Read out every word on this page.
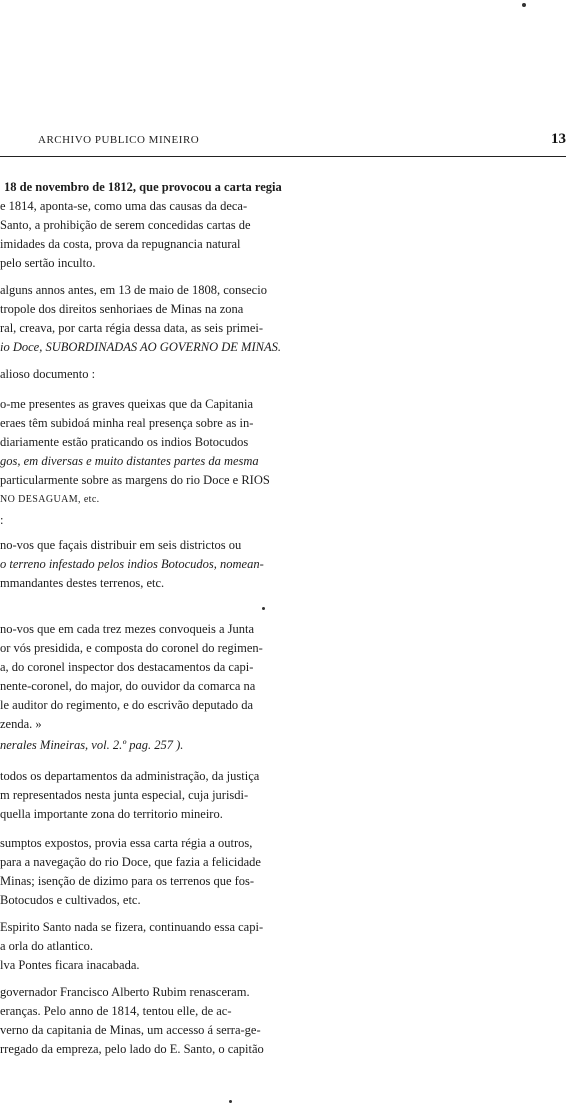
ARCHIVO PUBLICO MINEIRO	13
18 de novembro de 1812, que provocou a carta regia
e 1814, aponta-se, como uma das causas da deca-
Santo, a prohibição de serem concedidas cartas de
imidades da costa, prova da repugnancia natural
pelo sertão inculto.
alguns annos antes, em 13 de maio de 1808, consecio
tropole dos direitos senhoriaes de Minas na zona
ral, creava, por carta régia dessa data, as seis primei-
io Doce, SUBORDINADAS AO GOVERNO DE MINAS.
alioso documento :
o-me presentes as graves queixas que da Capitania
eraes têm subidoá minha real presença sobre as in-
diariamente estão praticando os indios Botocudos
gos, em diversas e muito distantes partes da mesma
particularmente sobre as margens do rio Doce e RIOS
NO DESAGUAM, etc.
:
no-vos que façais distribuir em seis districtos ou
o terreno infestado pelos indios Botocudos, nomean-
mmandantes destes terrenos, etc.
no-vos que em cada trez mezes convoqueis a Junta
or vós presidida, e composta do coronel do regimen-
a, do coronel inspector dos destacamentos da capi-
nente-coronel, do major, do ouvidor da comarca na
le auditor do regimento, e do escrivão deputado da
zenda. »
nerales Mineiras, vol. 2.º pag. 257 ).
todos os departamentos da administração, da justiça
m representados nesta junta especial, cuja jurisdi-
quella importante zona do territorio mineiro.
sumptos expostos, provia essa carta régia a outros,
para a navegação do rio Doce, que fazia a felicidade
Minas; isenção de dizimo para os terrenos que fos-
Botocudos e cultivados, etc.
Espirito Santo nada se fizera, continuando essa capi-
a orla do atlantico.
lva Pontes ficara inacabada.
governador Francisco Alberto Rubim renasceram.
eranças. Pelo anno de 1814, tentou elle, de ac-
verno da capitania de Minas, um accesso á serra-ge-
rregado da empreza, pelo lado do E. Santo, o capitão
